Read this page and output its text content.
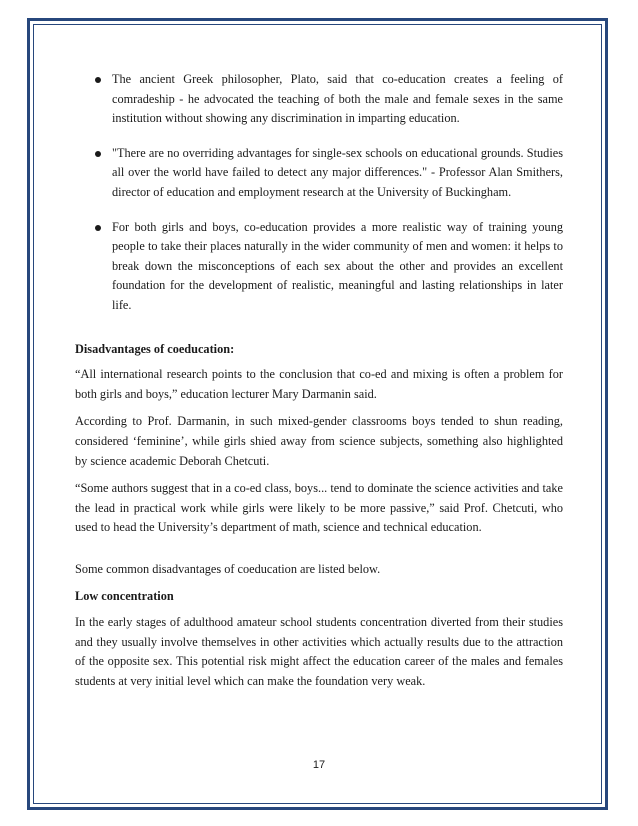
The ancient Greek philosopher, Plato, said that co-education creates a feeling of comradeship - he advocated the teaching of both the male and female sexes in the same institution without showing any discrimination in imparting education.
"There are no overriding advantages for single-sex schools on educational grounds. Studies all over the world have failed to detect any major differences." - Professor Alan Smithers, director of education and employment research at the University of Buckingham.
For both girls and boys, co-education provides a more realistic way of training young people to take their places naturally in the wider community of men and women: it helps to break down the misconceptions of each sex about the other and provides an excellent foundation for the development of realistic, meaningful and lasting relationships in later life.

Disadvantages of coeducation:

“All international research points to the conclusion that co-ed and mixing is often a problem for both girls and boys,” education lecturer Mary Darmanin said.

According to Prof. Darmanin, in such mixed-gender classrooms boys tended to shun reading, considered ‘feminine’, while girls shied away from science subjects, something also highlighted by science academic Deborah Chetcuti.

“Some authors suggest that in a co-ed class, boys... tend to dominate the science activities and take the lead in practical work while girls were likely to be more passive,” said Prof. Chetcuti, who used to head the University’s department of math, science and technical education.

Some common disadvantages of coeducation are listed below.

Low concentration

In the early stages of adulthood amateur school students concentration diverted from their studies and they usually involve themselves in other activities which actually results due to the attraction of the opposite sex. This potential risk might affect the education career of the males and females students at very initial level which can make the foundation very weak.

17
